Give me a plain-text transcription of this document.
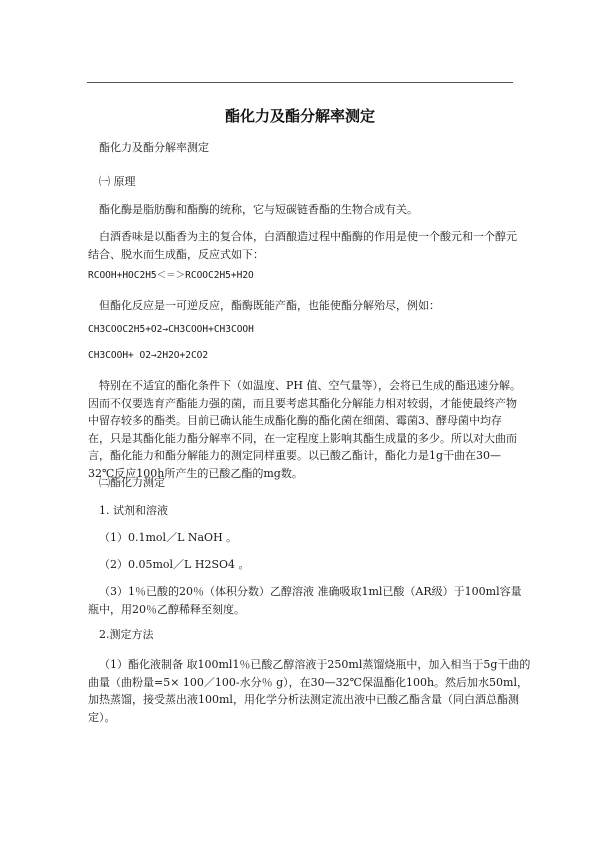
酯化力及酯分解率测定

酯化力及酯分解率测定

㈠ 原理

酯化酶是脂肪酶和酯酶的统称，它与短碳链香酯的生物合成有关。

白酒香味是以酯香为主的复合体，白酒酿造过程中酯酶的作用是使一个酸元和一个醇元
结合、脱水而生成酯，反应式如下：

RCOOH+HOC2H5＜＝＞RCOOC2H5+H2O

但酯化反应是一可逆反应，酯酶既能产酯，也能使酯分解殆尽，例如：

CH3COOC2H5+O2→CH3COOH+CH3COOH

CH3COOH+ O2→2H2O+2CO2

特别在不适宜的酯化条件下（如温度、PH 值、空气量等），会将已生成的酯迅速分解。
因而不仅要选育产酯能力强的菌，而且要考虑其酯化分解能力相对较弱，才能使最终产物
中留存较多的酯类。目前已确认能生成酯化酶的酯化菌在细菌、霉菌3、酵母菌中均存
在，只是其酯化能力酯分解率不同，在一定程度上影响其酯生成量的多少。所以对大曲而
言，酯化能力和酯分解能力的测定同样重要。以已酸乙酯计，酯化力是1g干曲在30—
32℃反应100h所产生的已酸乙酯的mg数。

㈡酯化力测定

1. 试剂和溶液

（1）0.1mol／L NaOH 。

（2）0.05mol／L H2SO4 。

（3）1％已酸的20％（体积分数）乙醇溶液 准确吸取1ml已酸（AR级）于100ml容量
瓶中，用20％乙醇稀释至刻度。

2.测定方法

（1）酯化液制备 取100ml1％已酸乙醇溶液于250ml蒸馏烧瓶中，加入相当于5g干曲的
曲量（曲粉量=5× 100／100-水分％ g），在30—32℃保温酯化100h。然后加水50ml，
加热蒸馏，接受蒸出液100ml，用化学分析法测定流出液中已酸乙酯含量（同白酒总酯测
定）。
